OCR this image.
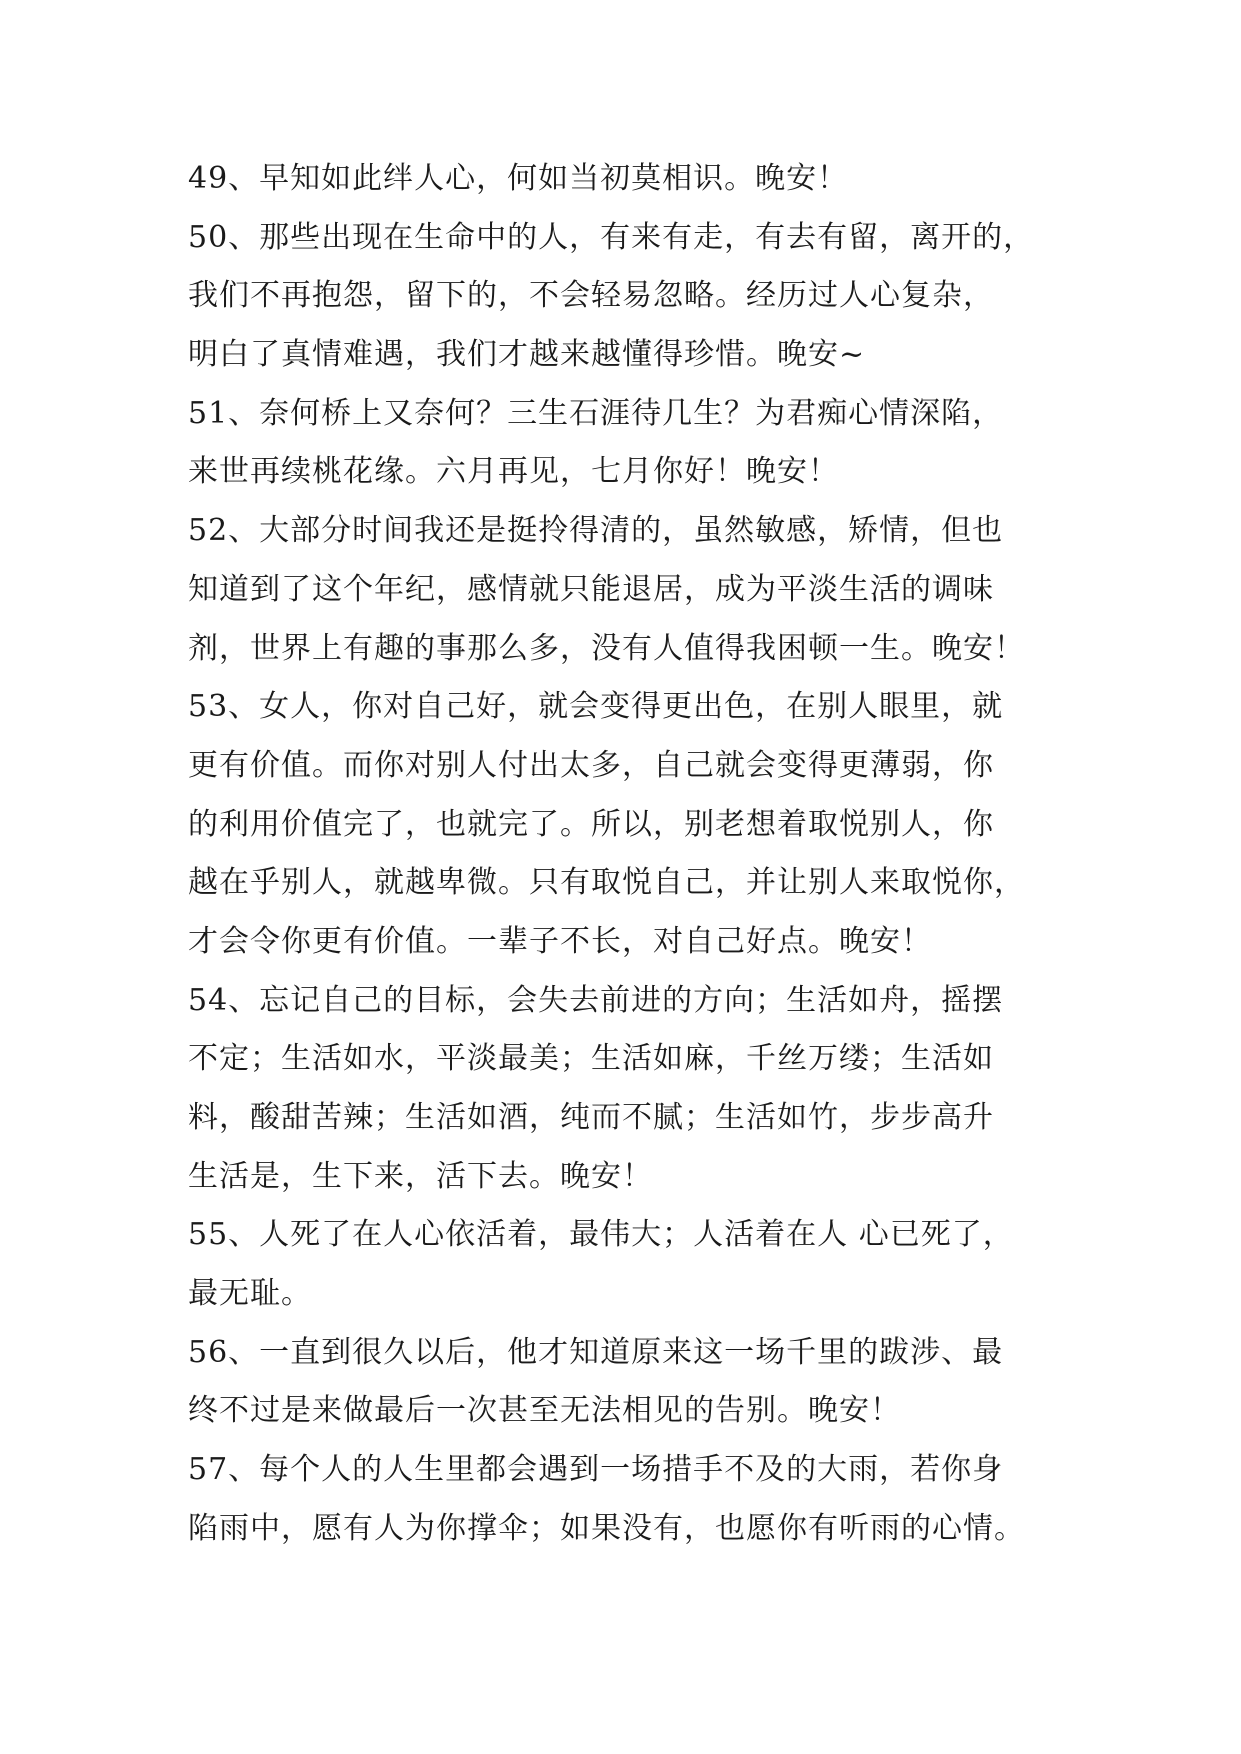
49、早知如此绊人心，何如当初莫相识。晚安！
50、那些出现在生命中的人，有来有走，有去有留，离开的，
我们不再抱怨，留下的，不会轻易忽略。经历过人心复杂，
明白了真情难遇，我们才越来越懂得珍惜。晚安~
51、奈何桥上又奈何？三生石涯待几生？为君痴心情深陷，
来世再续桃花缘。六月再见，七月你好！晚安！
52、大部分时间我还是挺拎得清的，虽然敏感，矫情，但也
知道到了这个年纪，感情就只能退居，成为平淡生活的调味
剂，世界上有趣的事那么多，没有人值得我困顿一生。晚安！
53、女人，你对自己好，就会变得更出色，在别人眼里，就
更有价值。而你对别人付出太多，自己就会变得更薄弱，你
的利用价值完了，也就完了。所以，别老想着取悦别人，你
越在乎别人，就越卑微。只有取悦自己，并让别人来取悦你，
才会令你更有价值。一辈子不长，对自己好点。晚安！
54、忘记自己的目标，会失去前进的方向；生活如舟，摇摆
不定；生活如水，平淡最美；生活如麻，千丝万缕；生活如
料，酸甜苦辣；生活如酒，纯而不腻；生活如竹，步步高升
生活是，生下来，活下去。晚安！
55、人死了在人心依活着，最伟大；人活着在人 心已死了，
最无耻。
56、一直到很久以后，他才知道原来这一场千里的跋涉、最
终不过是来做最后一次甚至无法相见的告别。晚安！
57、每个人的人生里都会遇到一场措手不及的大雨，若你身
陷雨中，愿有人为你撑伞；如果没有，也愿你有听雨的心情。
